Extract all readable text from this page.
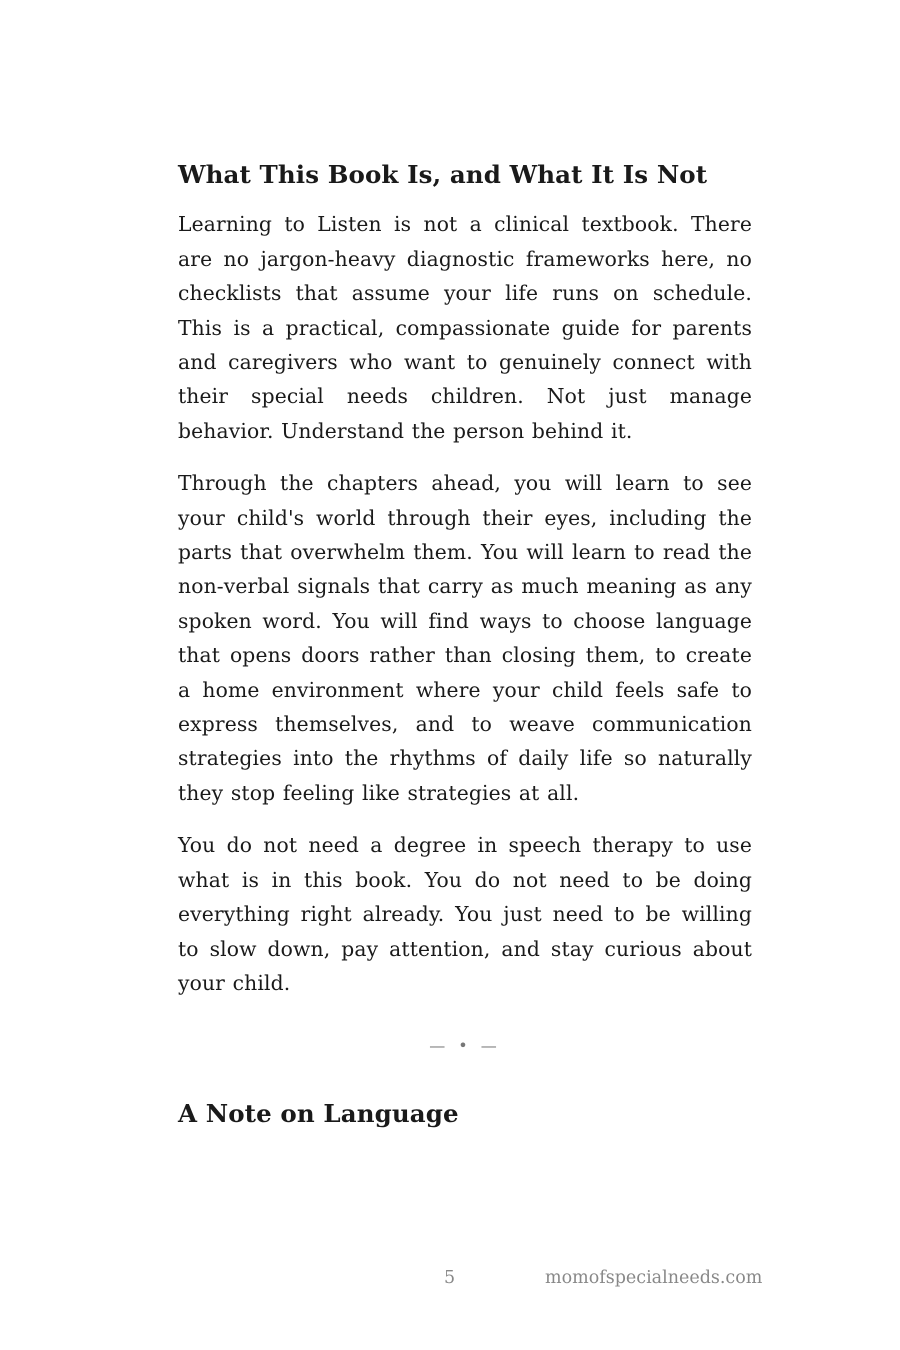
What This Book Is, and What It Is Not

Learning to Listen is not a clinical textbook. There are no jargon-heavy diagnostic frameworks here, no checklists that assume your life runs on schedule. This is a practical, compassionate guide for parents and caregivers who want to genuinely connect with their special needs children. Not just manage behavior. Understand the person behind it.

Through the chapters ahead, you will learn to see your child's world through their eyes, including the parts that overwhelm them. You will learn to read the non-verbal signals that carry as much meaning as any spoken word. You will find ways to choose language that opens doors rather than closing them, to create a home environment where your child feels safe to express themselves, and to weave communication strategies into the rhythms of daily life so naturally they stop feeling like strategies at all.

You do not need a degree in speech therapy to use what is in this book. You do not need to be doing everything right already. You just need to be willing to slow down, pay attention, and stay curious about your child.

— • —
A Note on Language
5	momofspecialneeds.com
